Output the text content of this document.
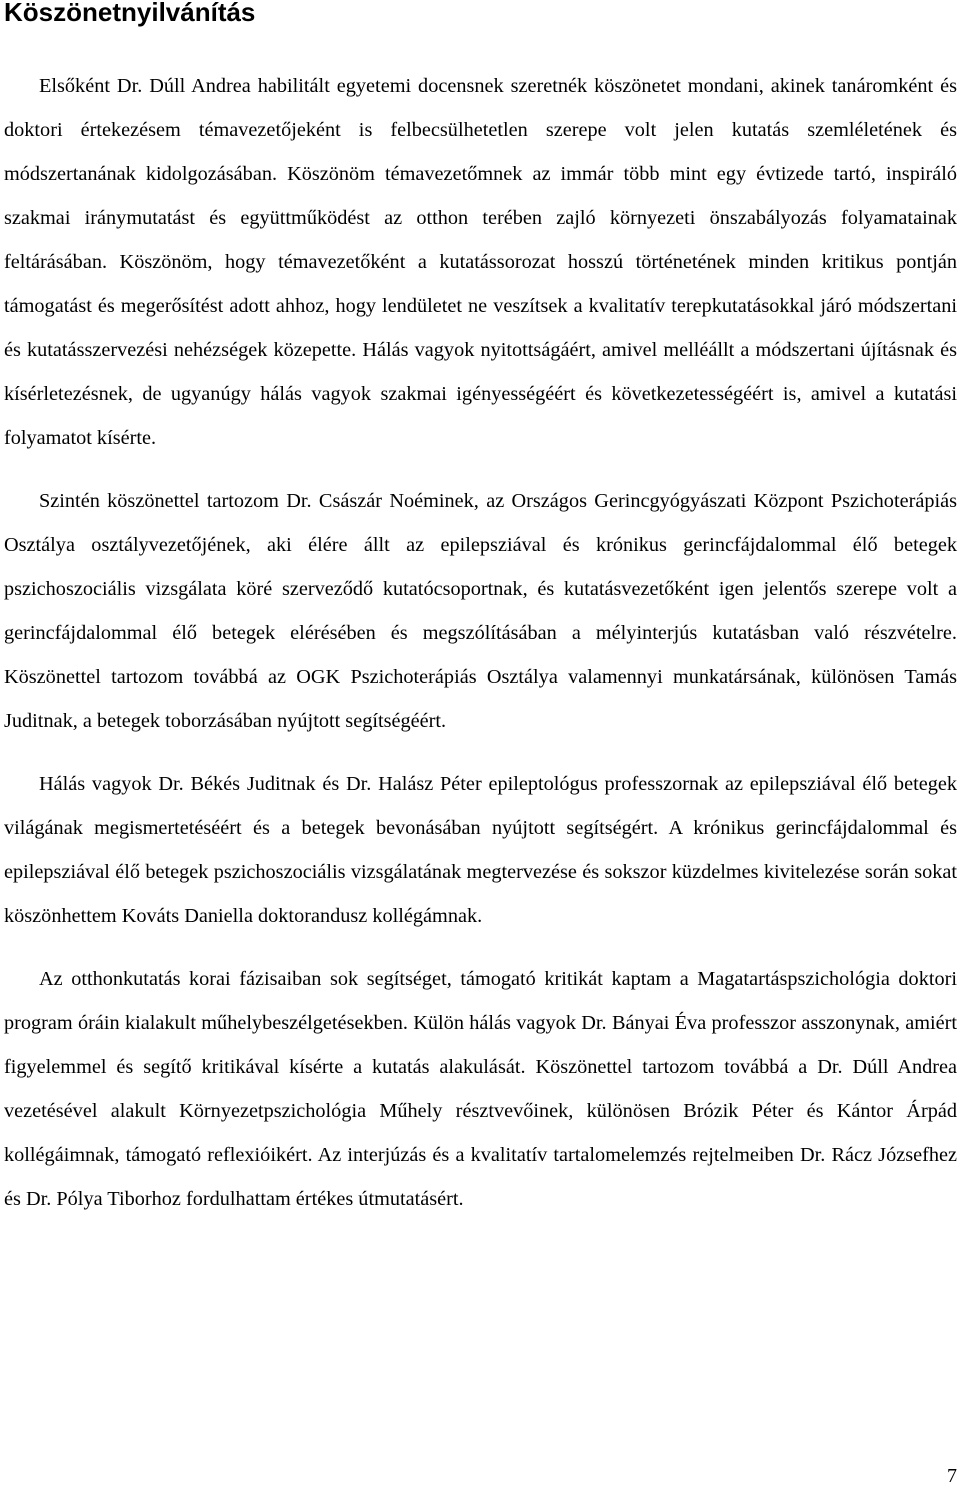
Köszönetnyilvánítás

Elsőként Dr. Dúll Andrea habilitált egyetemi docensnek szeretnék köszönetet mondani, akinek tanáromként és doktori értekezésem témavezetőjeként is felbecsülhetetlen szerepe volt jelen kutatás szemléletének és módszertanának kidolgozásában. Köszönöm témavezetőmnek az immár több mint egy évtizede tartó, inspiráló szakmai iránymutatást és együttműködést az otthon terében zajló környezeti önszabályozás folyamatainak feltárásában. Köszönöm, hogy témavezetőként a kutatássorozat hosszú történetének minden kritikus pontján támogatást és megerősítést adott ahhoz, hogy lendületet ne veszítsek a kvalitatív terepkutatásokkal járó módszertani és kutatásszervezési nehézségek közepette. Hálás vagyok nyitottságáért, amivel melléállt a módszertani újításnak és kísérletezésnek, de ugyanúgy hálás vagyok szakmai igényességéért és következetességéért is, amivel a kutatási folyamatot kísérte.

Szintén köszönettel tartozom Dr. Császár Noéminek, az Országos Gerincgyógyászati Központ Pszichoterápiás Osztálya osztályvezetőjének, aki élére állt az epilepsziával és krónikus gerincfájdalommal élő betegek pszichoszociális vizsgálata köré szerveződő kutatócsoportnak, és kutatásvezetőként igen jelentős szerepe volt a gerincfájdalommal élő betegek elérésében és megszólításában a mélyinterjús kutatásban való részvételre. Köszönettel tartozom továbbá az OGK Pszichoterápiás Osztálya valamennyi munkatársának, különösen Tamás Juditnak, a betegek toborzásában nyújtott segítségéért.

Hálás vagyok Dr. Békés Juditnak és Dr. Halász Péter epileptológus professzornak az epilepsziával élő betegek világának megismertetéséért és a betegek bevonásában nyújtott segítségért. A krónikus gerincfájdalommal és epilepsziával élő betegek pszichoszociális vizsgálatának megtervezése és sokszor küzdelmes kivitelezése során sokat köszönhettem Kováts Daniella doktorandusz kollégámnak.

Az otthonkutatás korai fázisaiban sok segítséget, támogató kritikát kaptam a Magatartáspszichológia doktori program óráin kialakult műhelybeszélgetésekben. Külön hálás vagyok Dr. Bányai Éva professzor asszonynak, amiért figyelemmel és segítő kritikával kísérte a kutatás alakulását. Köszönettel tartozom továbbá a Dr. Dúll Andrea vezetésével alakult Környezetpszichológia Műhely résztvevőinek, különösen Brózik Péter és Kántor Árpád kollégáimnak, támogató reflexióikért. Az interjúzás és a kvalitatív tartalomelemzés rejtelmeiben Dr. Rácz Józsefhez és Dr. Pólya Tiborhoz fordulhattam értékes útmutatásért.

7
